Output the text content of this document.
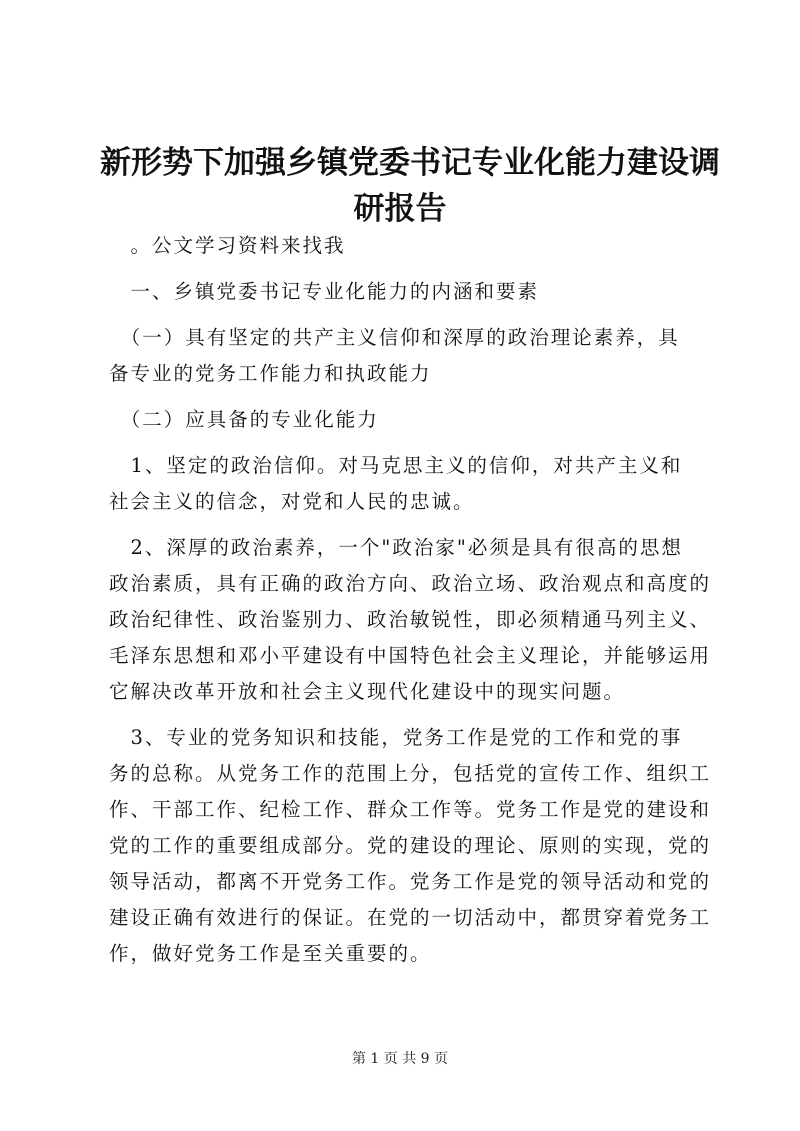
新形势下加强乡镇党委书记专业化能力建设调
研报告
　。公文学习资料来找我
　一、乡镇党委书记专业化能力的内涵和要素
　（一）具有坚定的共产主义信仰和深厚的政治理论素养，具
备专业的党务工作能力和执政能力
　（二）应具备的专业化能力
　1、坚定的政治信仰。对马克思主义的信仰，对共产主义和
社会主义的信念，对党和人民的忠诚。
　2、深厚的政治素养，一个"政治家"必须是具有很高的思想
政治素质，具有正确的政治方向、政治立场、政治观点和高度的
政治纪律性、政治鉴别力、政治敏锐性，即必须精通马列主义、
毛泽东思想和邓小平建设有中国特色社会主义理论，并能够运用
它解决改革开放和社会主义现代化建设中的现实问题。
　3、专业的党务知识和技能，党务工作是党的工作和党的事
务的总称。从党务工作的范围上分，包括党的宣传工作、组织工
作、干部工作、纪检工作、群众工作等。党务工作是党的建设和
党的工作的重要组成部分。党的建设的理论、原则的实现，党的
领导活动，都离不开党务工作。党务工作是党的领导活动和党的
建设正确有效进行的保证。在党的一切活动中，都贯穿着党务工
作，做好党务工作是至关重要的。
第 1 页 共 9 页
